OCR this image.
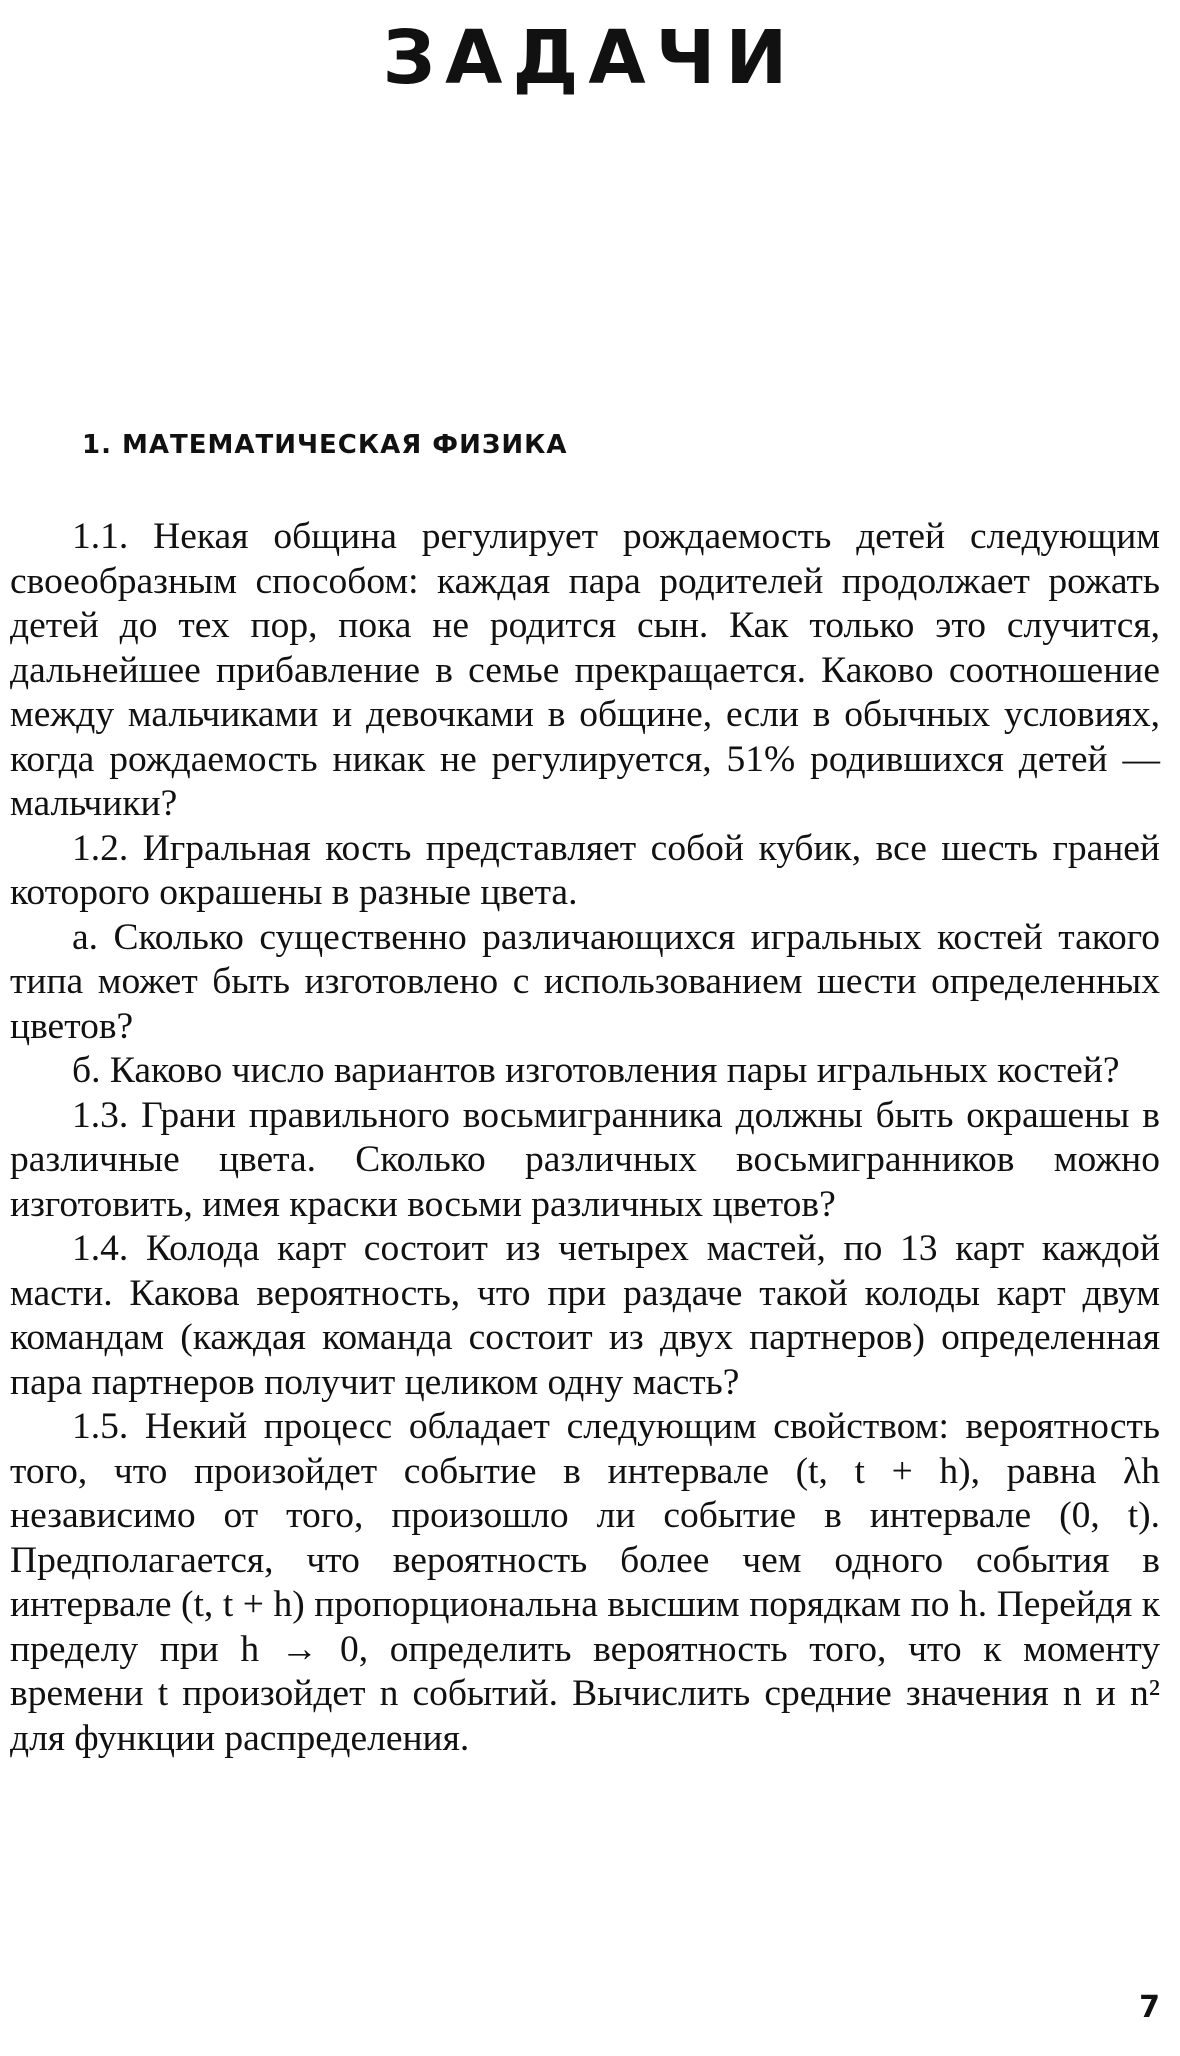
ЗАДАЧИ
1. МАТЕМАТИЧЕСКАЯ ФИЗИКА

1.1. Некая община регулирует рождаемость детей следующим своеобразным способом: каждая пара родителей продолжает рожать детей до тех пор, пока не родится сын. Как только это случится, дальнейшее прибавление в семье прекращается. Каково соотношение между мальчиками и девочками в общине, если в обычных условиях, когда рождаемость никак не регулируется, 51% родившихся детей — мальчики?

1.2. Игральная кость представляет собой кубик, все шесть граней которого окрашены в разные цвета.

а. Сколько существенно различающихся игральных костей такого типа может быть изготовлено с использованием шести определенных цветов?

б. Каково число вариантов изготовления пары игральных костей?

1.3. Грани правильного восьмигранника должны быть окрашены в различные цвета. Сколько различных восьмигранников можно изготовить, имея краски восьми различных цветов?

1.4. Колода карт состоит из четырех мастей, по 13 карт каждой масти. Какова вероятность, что при раздаче такой колоды карт двум командам (каждая команда состоит из двух партнеров) определенная пара партнеров получит целиком одну масть?

1.5. Некий процесс обладает следующим свойством: вероятность того, что произойдет событие в интервале (t, t + h), равна λh независимо от того, произошло ли событие в интервале (0, t). Предполагается, что вероятность более чем одного события в интервале (t, t + h) пропорциональна высшим порядкам по h. Перейдя к пределу при h → 0, определить вероятность того, что к моменту времени t произойдет n событий. Вычислить средние значения n и n² для функции распределения.

7
